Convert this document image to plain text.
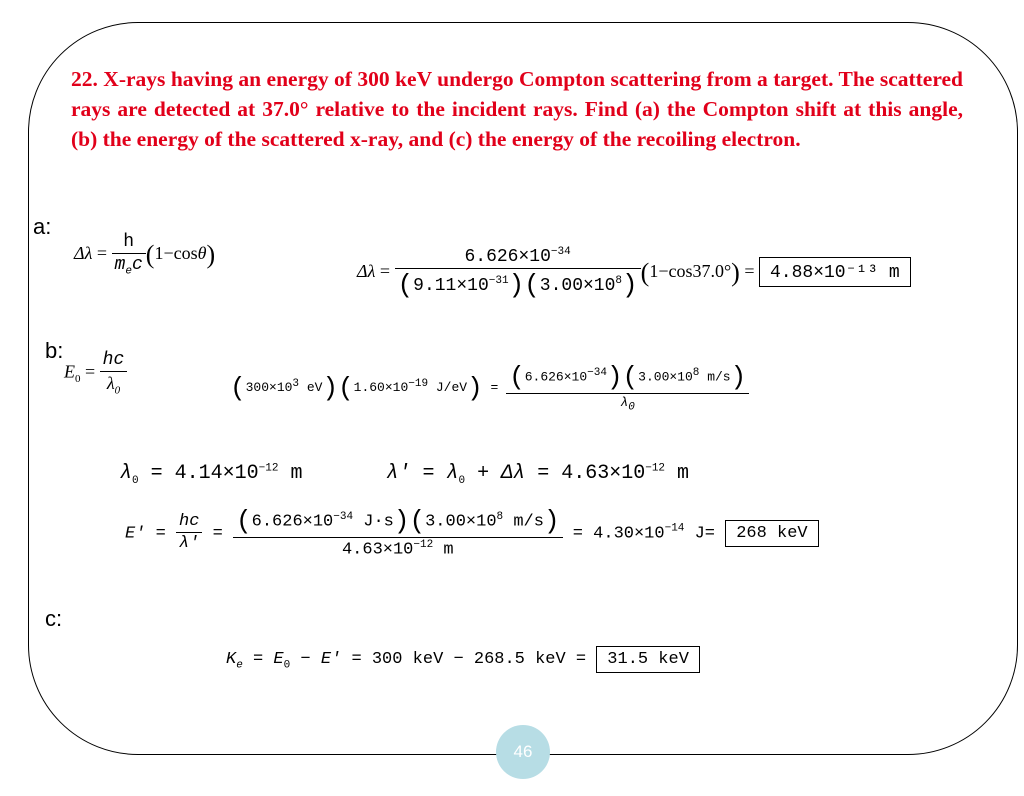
22. X-rays having an energy of 300 keV undergo Compton scattering from a target. The scattered rays are detected at 37.0° relative to the incident rays. Find (a) the Compton shift at this angle, (b) the energy of the scattered x-ray, and (c) the energy of the recoiling electron.
a:
$\Delta\lambda = \frac{h}{m_ec} (1-\cos\theta)$
$\Delta\lambda = \frac{6.626\times 10^{-34}}{(9.11\times 10^{-31})(3.00\times 10^8)} (1-\cos 37.0^\circ) = 4.88\times 10^{-13}$ m
b:
$E_0 = \frac{hc}{\lambda_0}$	($300\times 10^3$ $eV)(1.60\times 10^{-19}$ $J/eV) = \frac{(6.626\times 10^{-34})(3.00\times 10^8 m/s)}{\lambda_0}$
$\lambda_0 = 4.14\times 10^{-12}$ m	$\lambda' = \lambda_0 + \Delta\lambda = 4.63\times 10^{-12}$ m
$E' = \frac{hc}{\lambda'} = \frac{(6.626\times 10^{-34} J\cdot s)(3.00\times 10^8 m/s)}{4.63\times 10^{-12} m} = 4.30\times 10^{-14}$ J= 268 keV
c:
$K_e = E_0 - E' = 300$ keV − 268.5 keV = 31.5 keV
46
